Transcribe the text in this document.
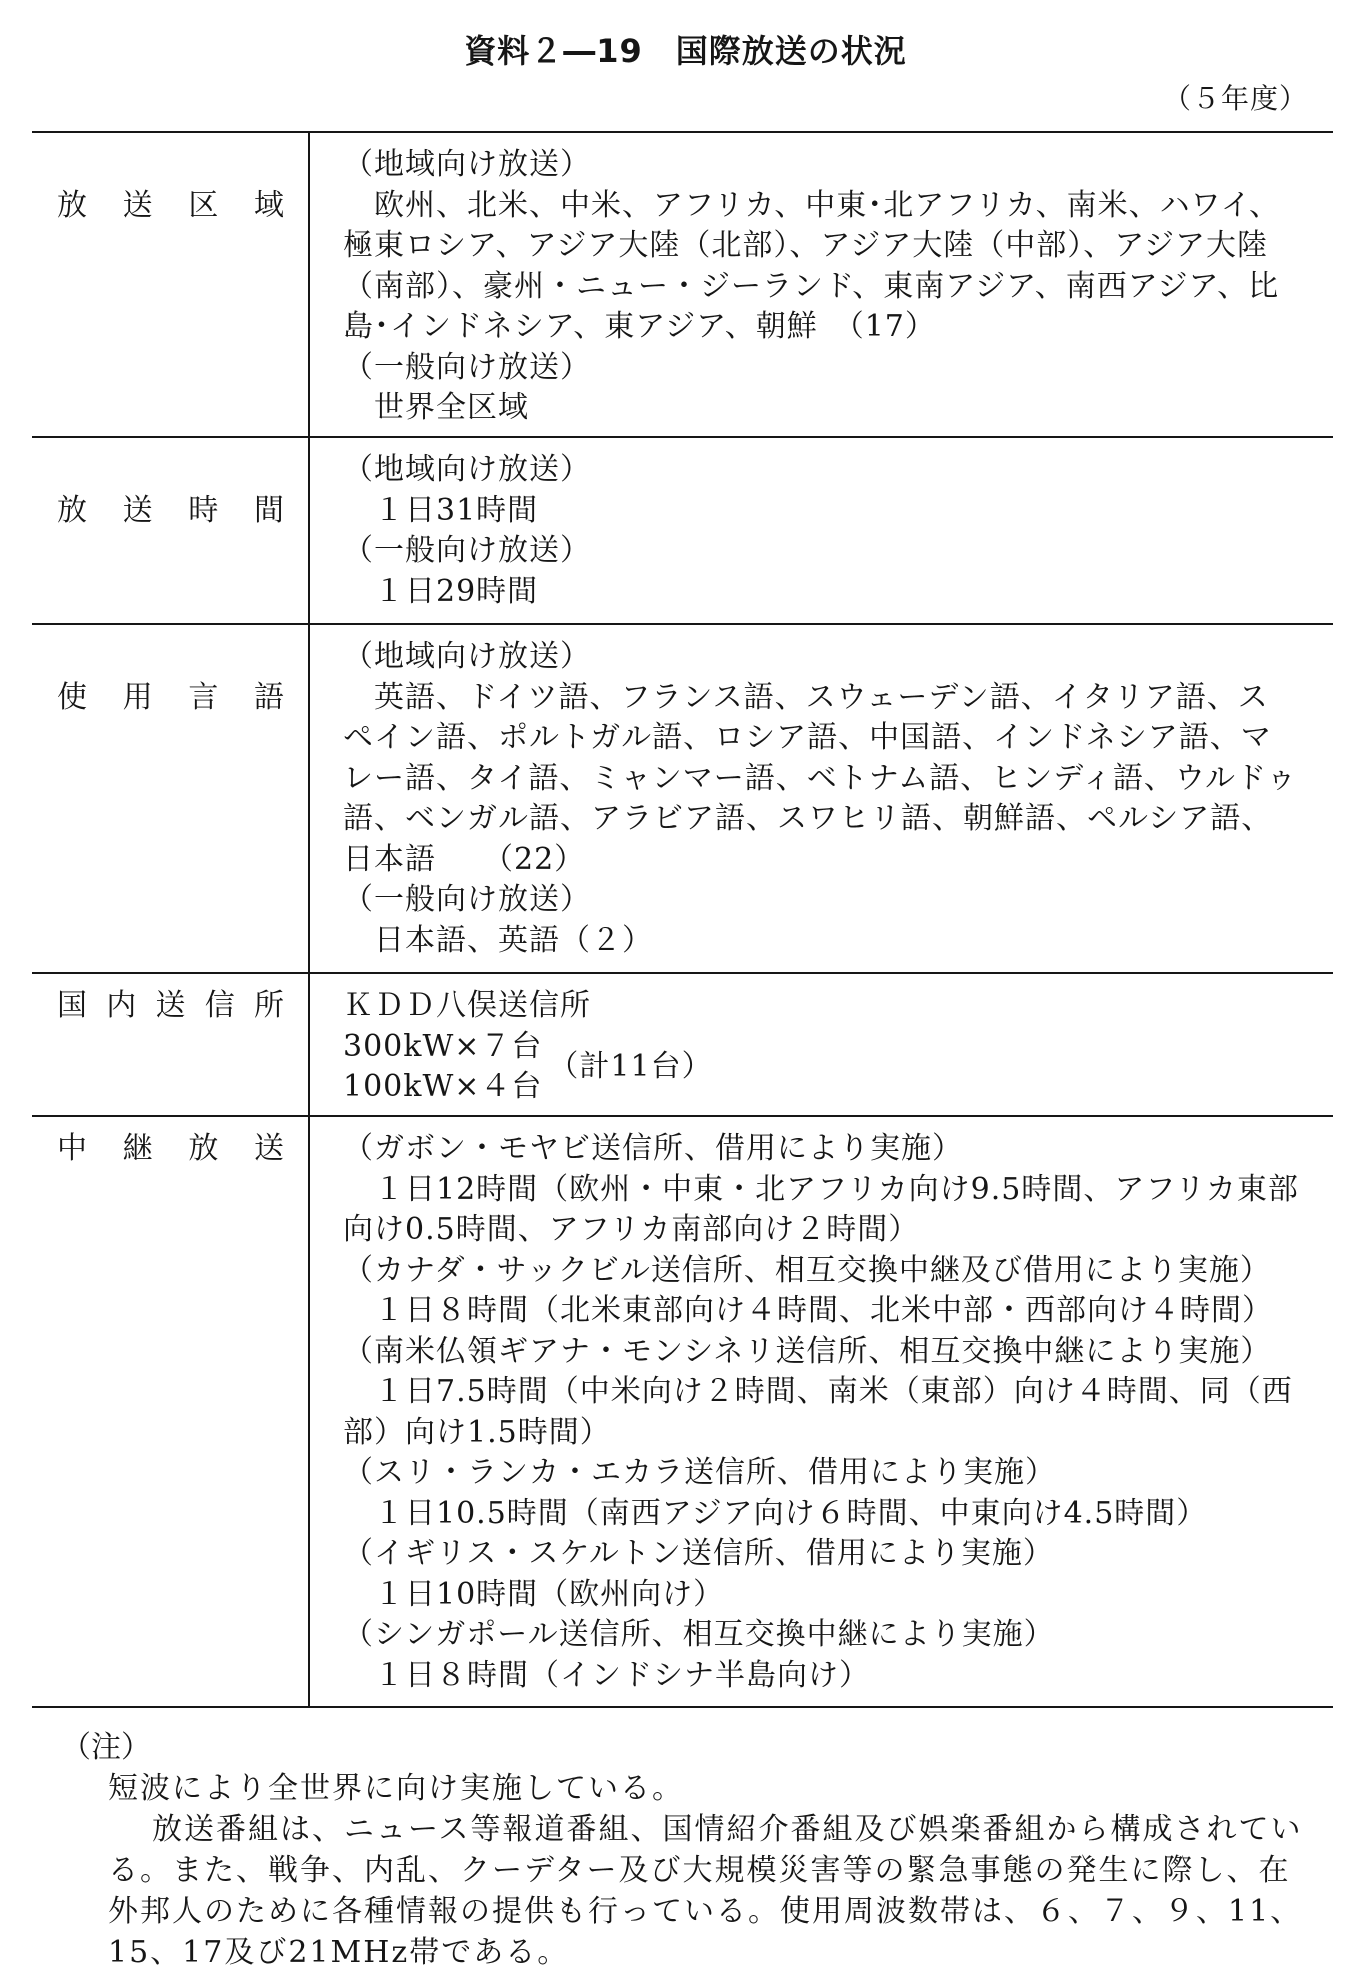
資料２―19　国際放送の状況
（５年度）
放 送 区 域
（地域向け放送）
欧州、北米、中米、アフリカ、中東･北アフリカ、南米、ハワイ、
極東ロシア、アジア大陸（北部）、アジア大陸（中部）、アジア大陸
（南部）、豪州・ニュー・ジーランド、東南アジア、南西アジア、比
島･インドネシア、東アジア、朝鮮　（17）
（一般向け放送）
世界全区域
放 送 時 間
（地域向け放送）
１日31時間
（一般向け放送）
１日29時間
使 用 言 語
（地域向け放送）
英語、ドイツ語、フランス語、スウェーデン語、イタリア語、ス
ペイン語、ポルトガル語、ロシア語、中国語、インドネシア語、マ
レー語、タイ語、ミャンマー語、ベトナム語、ヒンディ語、ウルドゥ
語、ベンガル語、アラビア語、スワヒリ語、朝鮮語、ペルシア語、
日本語　　（22）
（一般向け放送）
日本語、英語（２）
国 内 送 信 所 ＫＤＤ八俣送信所
300kW×７台
100kW×４台
（計11台）
中 継 放 送 （ガボン・モヤビ送信所、借用により実施）
１日12時間（欧州・中東・北アフリカ向け9.5時間、アフリカ東部
向け0.5時間、アフリカ南部向け２時間）
（カナダ・サックビル送信所、相互交換中継及び借用により実施）
１日８時間（北米東部向け４時間、北米中部・西部向け４時間）
（南米仏領ギアナ・モンシネリ送信所、相互交換中継により実施）
１日7.5時間（中米向け２時間、南米（東部）向け４時間、同（西
部）向け1.5時間）
（スリ・ランカ・エカラ送信所、借用により実施）
１日10.5時間（南西アジア向け６時間、中東向け4.5時間）
（イギリス・スケルトン送信所、借用により実施）
１日10時間（欧州向け）
（シンガポール送信所、相互交換中継により実施）
１日８時間（インドシナ半島向け）

（注）

短波により全世界に向け実施している。
放送番組は、ニュース等報道番組、国情紹介番組及び娯楽番組から構成されてい
る。また、戦争、内乱、クーデター及び大規模災害等の緊急事態の発生に際し、在
外邦人のために各種情報の提供も行っている。使用周波数帯は、６、７、９、11、
15、17及び21MHz帯である。
